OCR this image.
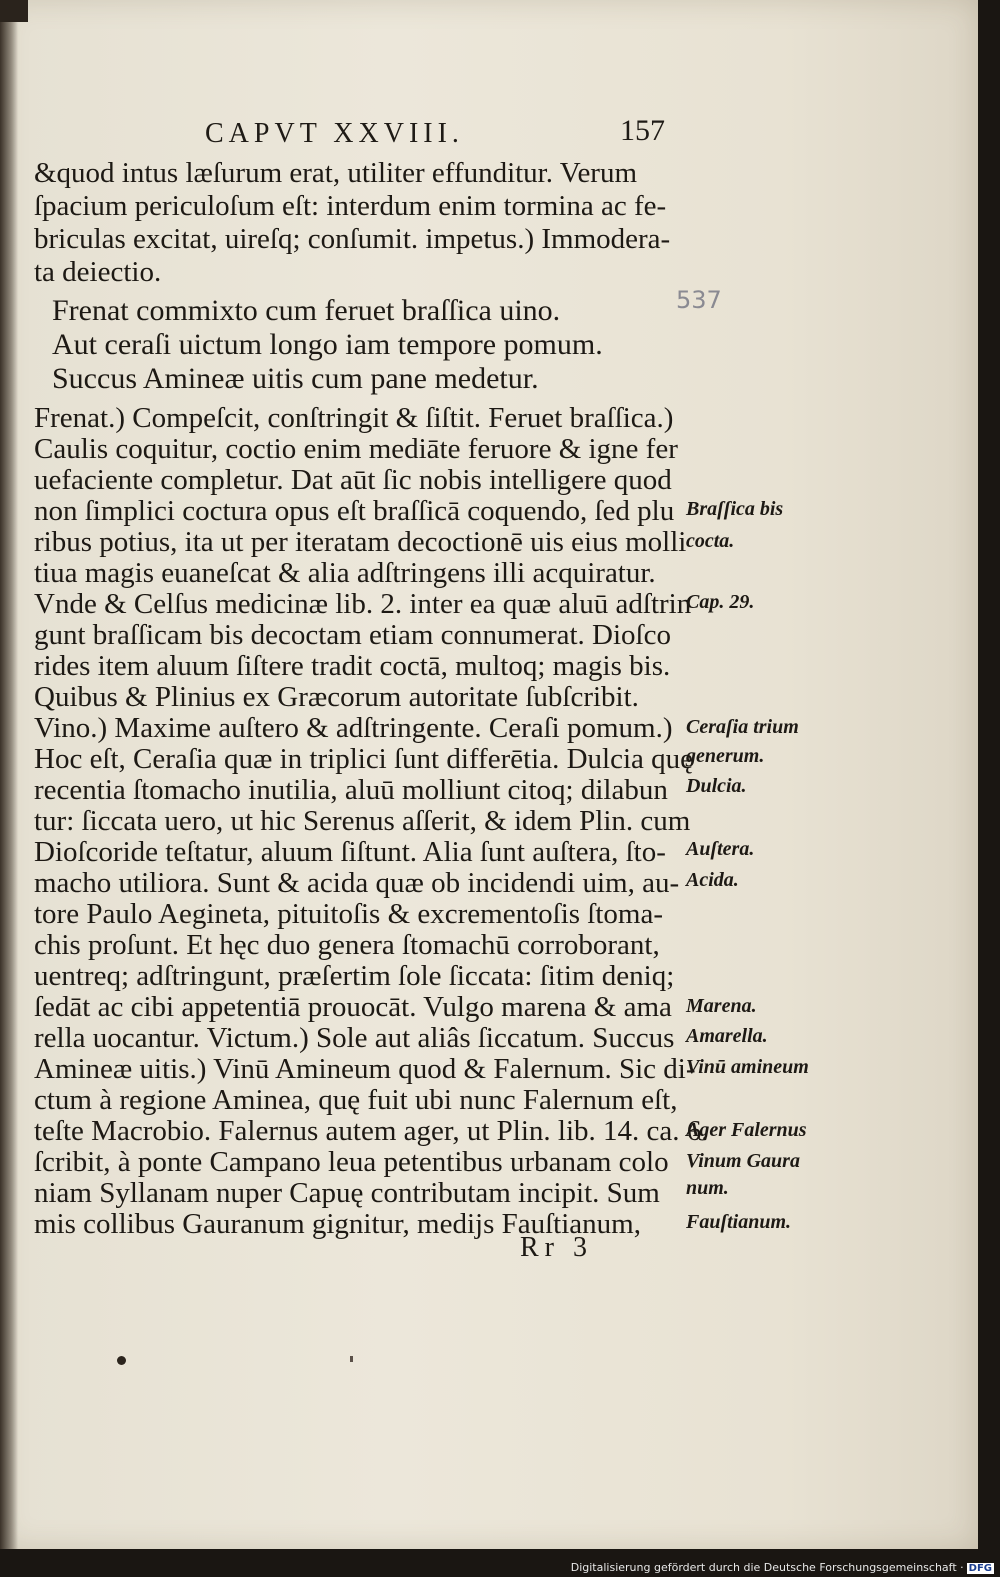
CAPVT XXVIII.	157
537
&quod intus læſurum erat, utiliter effunditur. Verum
ſpacium periculoſum eſt: interdum enim tormina ac fe-
briculas excitat, uireſq; conſumit. impetus.) Immodera-
ta deiectio.
Frenat commixto cum feruet braſſica uino.
Aut ceraſi uictum longo iam tempore pomum.
Succus Amineæ uitis cum pane medetur.
Frenat.) Compeſcit, conſtringit & ſiſtit. Feruet braſſica.)
Caulis coquitur, coctio enim mediāte feruore & igne fer
uefaciente completur. Dat aūt ſic nobis intelligere quod
non ſimplici coctura opus eſt braſſicā coquendo, ſed plu
ribus potius, ita ut per iteratam decoctionē uis eius molli
tiua magis euaneſcat & alia adſtringens illi acquiratur.
Vnde & Celſus medicinæ lib. 2. inter ea quæ aluū adſtrin
gunt braſſicam bis decoctam etiam connumerat. Dioſco
rides item aluum ſiſtere tradit coctā, multoq; magis bis.
Quibus & Plinius ex Græcorum autoritate ſubſcribit.
Vino.) Maxime auſtero & adſtringente. Ceraſi pomum.)
Hoc eſt, Ceraſia quæ in triplici ſunt differētia. Dulcia quę
recentia ſtomacho inutilia, aluū molliunt citoq; dilabun
tur: ſiccata uero, ut hic Serenus aſſerit, & idem Plin. cum
Dioſcoride teſtatur, aluum ſiſtunt. Alia ſunt auſtera, ſto-
macho utiliora. Sunt & acida quæ ob incidendi uim, au-
tore Paulo Aegineta, pituitoſis & excrementoſis ſtoma-
chis proſunt. Et hęc duo genera ſtomachū corroborant,
uentreq; adſtringunt, præſertim ſole ſiccata: ſitim deniq;
ſedāt ac cibi appetentiā prouocāt. Vulgo marena & ama
rella uocantur. Victum.) Sole aut aliâs ſiccatum. Succus
Amineæ uitis.) Vinū Amineum quod & Falernum. Sic di-
ctum à regione Aminea, quę fuit ubi nunc Falernum eſt,
teſte Macrobio. Falernus autem ager, ut Plin. lib. 14. ca. 6.
ſcribit, à ponte Campano leua petentibus urbanam colo
niam Syllanam nuper Capuę contributam incipit. Sum
mis collibus Gauranum gignitur, medijs Fauſtianum,
Braſſica bis
cocta.
Cap. 29.
Ceraſia trium
generum.
Dulcia.
Auſtera.
Acida.
Marena.
Amarella.
Vinū amineum
Ager Falernus
Vinum Gaura
num.
Fauſtianum.
Rr 3
Digitalisierung gefördert durch die Deutsche Forschungsgemeinschaft · DFG
